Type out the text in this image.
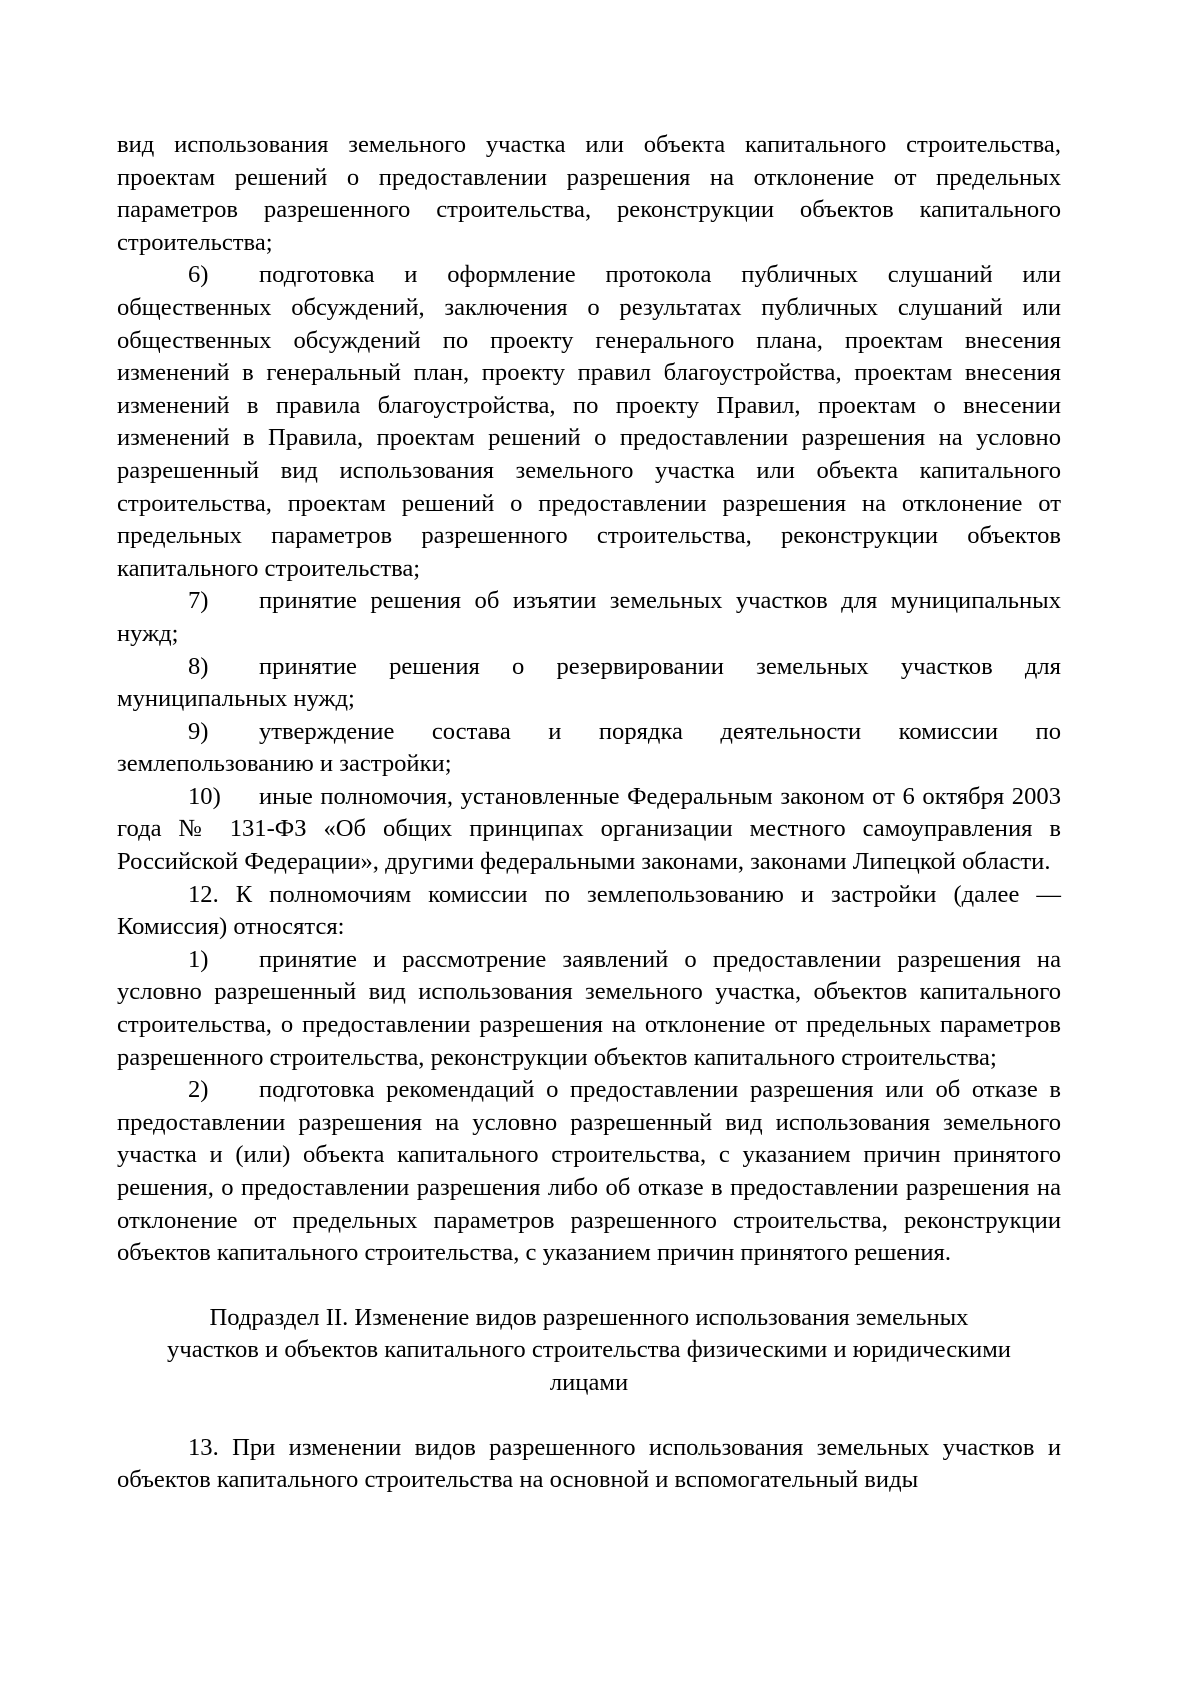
вид использования земельного участка или объекта капитального строительства, проектам решений о предоставлении разрешения на отклонение от предельных параметров разрешенного строительства, реконструкции объектов капитального строительства;

6) подготовка и оформление протокола публичных слушаний или общественных обсуждений, заключения о результатах публичных слушаний или общественных обсуждений по проекту генерального плана, проектам внесения изменений в генеральный план, проекту правил благоустройства, проектам внесения изменений в правила благоустройства, по проекту Правил, проектам о внесении изменений в Правила, проектам решений о предоставлении разрешения на условно разрешенный вид использования земельного участка или объекта капитального строительства, проектам решений о предоставлении разрешения на отклонение от предельных параметров разрешенного строительства, реконструкции объектов капитального строительства;

7) принятие решения об изъятии земельных участков для муниципальных нужд;

8) принятие решения о резервировании земельных участков для муниципальных нужд;

9) утверждение состава и порядка деятельности комиссии по землепользованию и застройки;

10) иные полномочия, установленные Федеральным законом от 6 октября 2003 года № 131-ФЗ «Об общих принципах организации местного самоуправления в Российской Федерации», другими федеральными законами, законами Липецкой области.

12. К полномочиям комиссии по землепользованию и застройки (далее — Комиссия) относятся:

1) принятие и рассмотрение заявлений о предоставлении разрешения на условно разрешенный вид использования земельного участка, объектов капитального строительства, о предоставлении разрешения на отклонение от предельных параметров разрешенного строительства, реконструкции объектов капитального строительства;

2) подготовка рекомендаций о предоставлении разрешения или об отказе в предоставлении разрешения на условно разрешенный вид использования земельного участка и (или) объекта капитального строительства, с указанием причин принятого решения, о предоставлении разрешения либо об отказе в предоставлении разрешения на отклонение от предельных параметров разрешенного строительства, реконструкции объектов капитального строительства, с указанием причин принятого решения.

Подраздел II. Изменение видов разрешенного использования земельных
участков и объектов капитального строительства физическими и юридическими
лицами

13. При изменении видов разрешенного использования земельных участков и объектов капитального строительства на основной и вспомогательный виды
